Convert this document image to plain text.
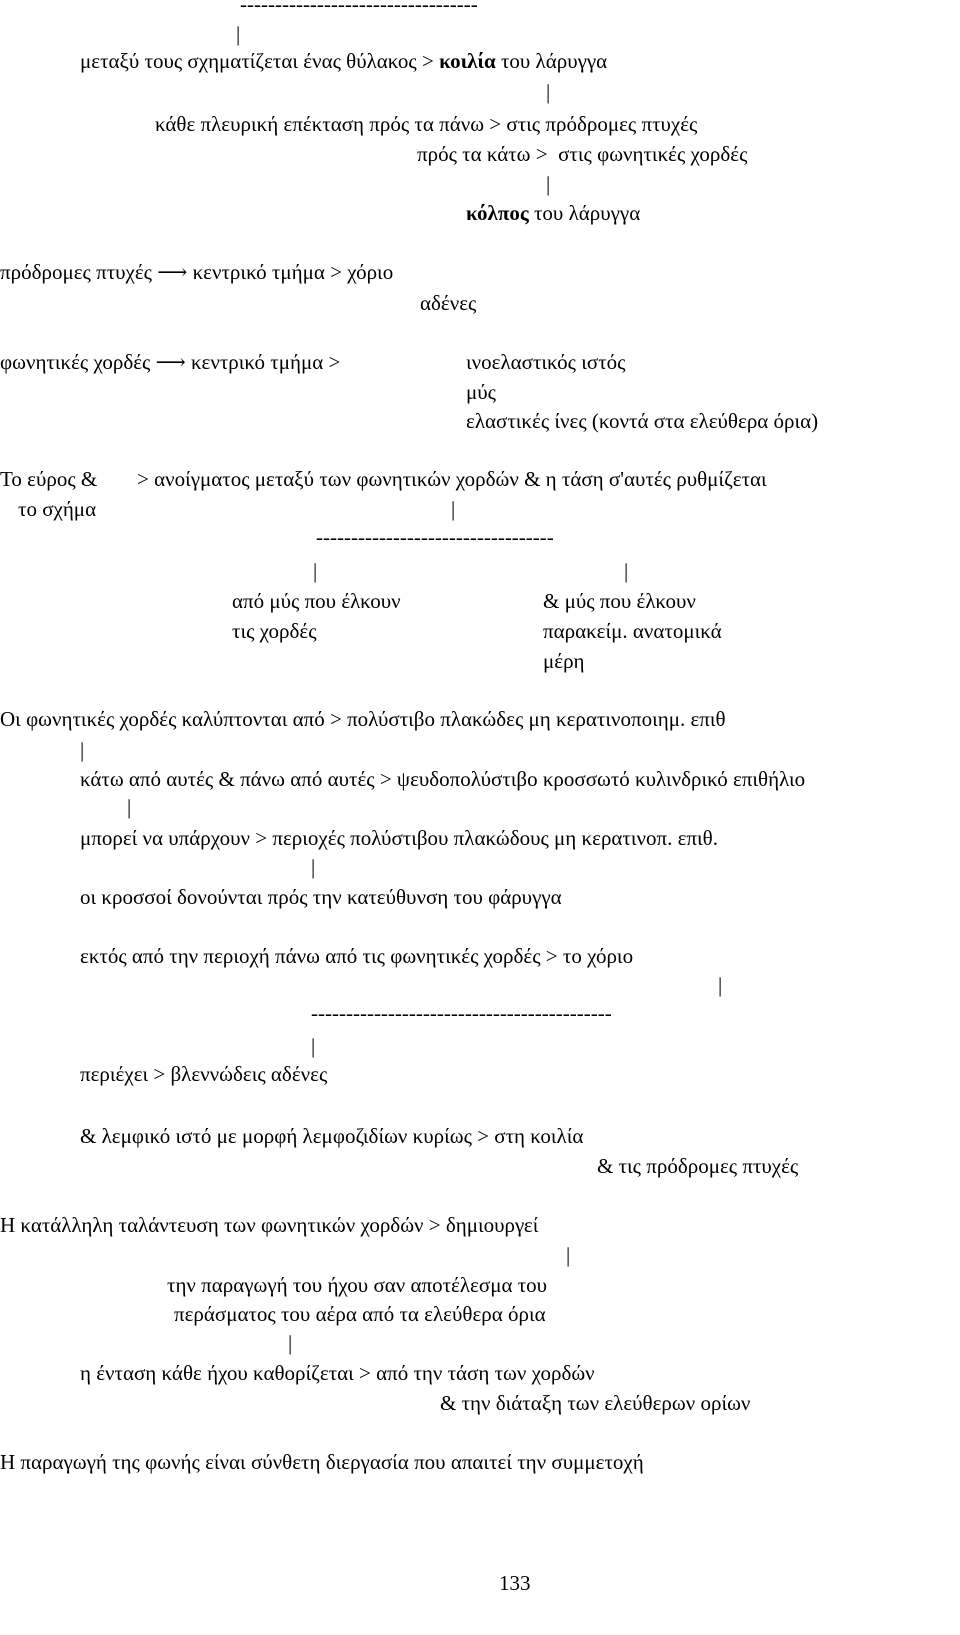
----------------------------------
|
μεταξύ τους σχηματίζεται ένας θύλακος > κοιλία του λάρυγγα
|
κάθε πλευρική επέκταση πρός τα πάνω > στις πρόδρομες πτυχές
πρός τα κάτω >  στις φωνητικές χορδές
|
κόλπος του λάρυγγα
πρόδρομες πτυχές ⟶ κεντρικό τμήμα > χόριο
αδένες
φωνητικές χορδές ⟶ κεντρικό τμήμα >	ινοελαστικός ιστός
μύς
ελαστικές ίνες (κοντά στα ελεύθερα όρια)
Το εύρος & > ανοίγματος μεταξύ των φωνητικών χορδών & η τάση σ'αυτές ρυθμίζεται
το σχήμα	|
----------------------------------
|	|
από μύς που έλκουν
τις χορδές
& μύς που έλκουν
παρακείμ. ανατομικά
μέρη
Οι φωνητικές χορδές καλύπτονται από > πολύστιβο πλακώδες μη κερατινοποιημ. επιθ
|
κάτω από αυτές & πάνω από αυτές > ψευδοπολύστιβο κροσσωτό κυλινδρικό επιθήλιο
|
μπορεί να υπάρχουν > περιοχές πολύστιβου πλακώδους μη κερατινοπ. επιθ.
|
οι κροσσοί δονούνται πρός την κατεύθυνση του φάρυγγα
εκτός από την περιοχή πάνω από τις φωνητικές χορδές > το χόριο
|
-------------------------------------------
|
περιέχει > βλεννώδεις αδένες
& λεμφικό ιστό με μορφή λεμφοζιδίων κυρίως > στη κοιλία
& τις πρόδρομες πτυχές
Η κατάλληλη ταλάντευση των φωνητικών χορδών > δημιουργεί
|
την παραγωγή του ήχου σαν αποτέλεσμα του
περάσματος του αέρα από τα ελεύθερα όρια
|
η ένταση κάθε ήχου καθορίζεται > από την τάση των χορδών
& την διάταξη των ελεύθερων ορίων
Η παραγωγή της φωνής είναι σύνθετη διεργασία που απαιτεί την συμμετοχή
133
